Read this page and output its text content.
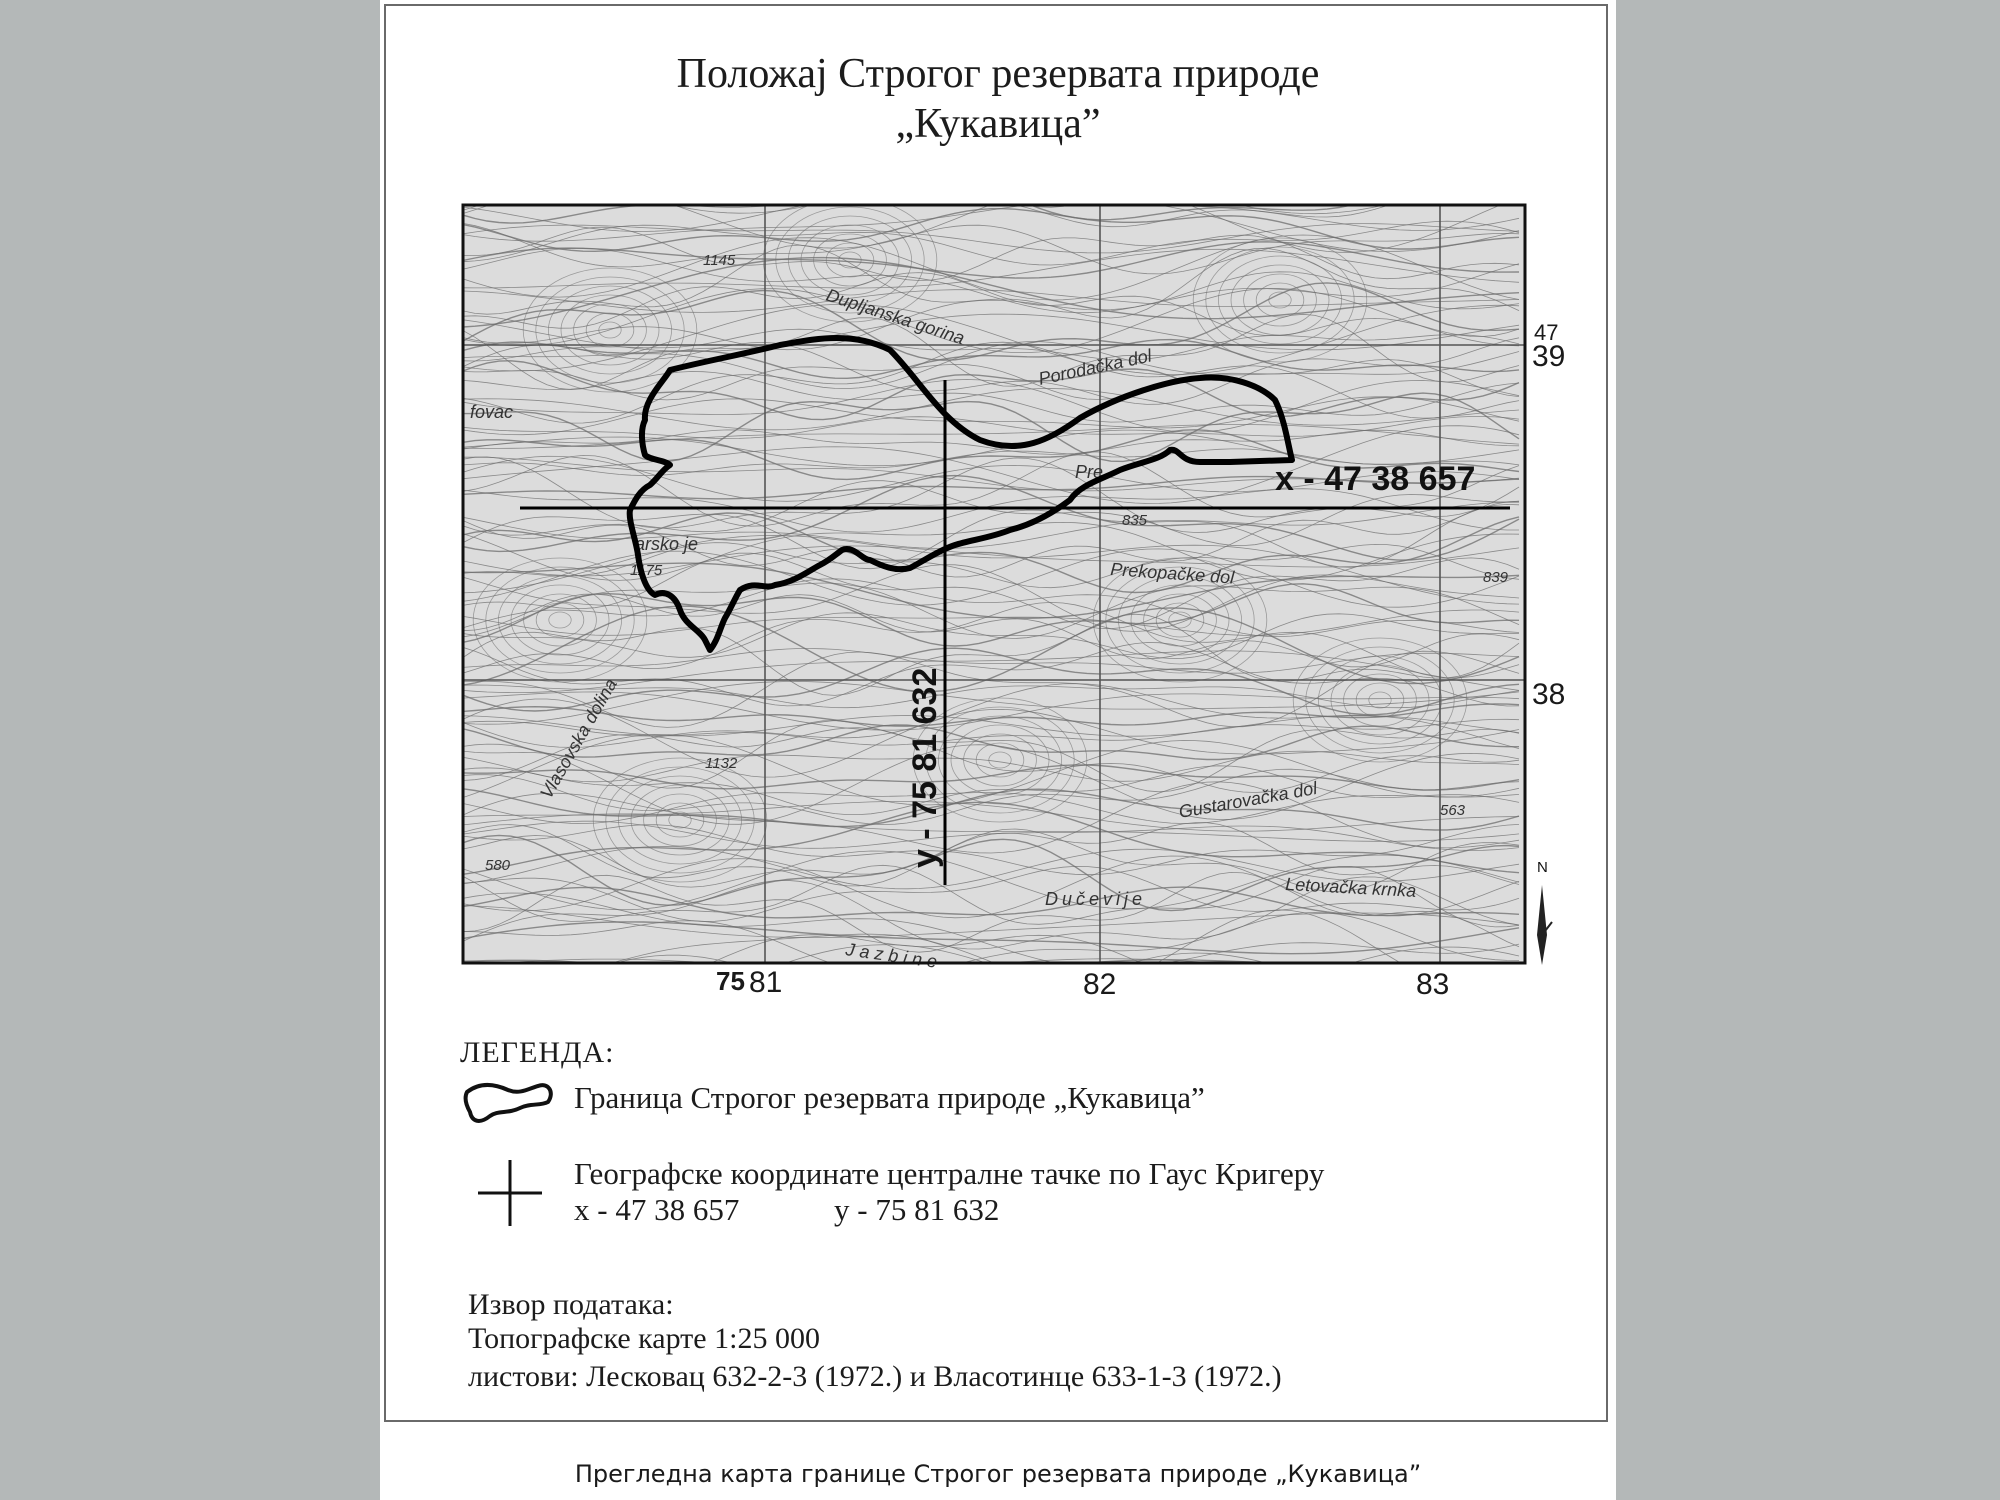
Положај Строгог резервата природе
„Кукавица”
Dupljanska gorina
Porodačka dol
Prekopačke dol
Gustarovačka dol
Vlasovska dolina
Letovačka krnka
Jazbine
Dučevije
Pre
arsko je
1145
1175
1132
835
839
563
580
fovac
x - 47 38 657
y - 75 81 632	N
47
39
38
75 81	82	83
ЛЕГЕНДА:
Граница Строгог резервата природе „Кукавица”
Географске координате централне тачке по Гаус Кригеру
x - 47 38 657	y - 75 81 632
Извор података:
Топографске карте 1:25 000
листови: Лесковац 632-2-3 (1972.) и Власотинце 633-1-3 (1972.)
Прегледна карта границе Строгог резервата природе „Кукавица”
